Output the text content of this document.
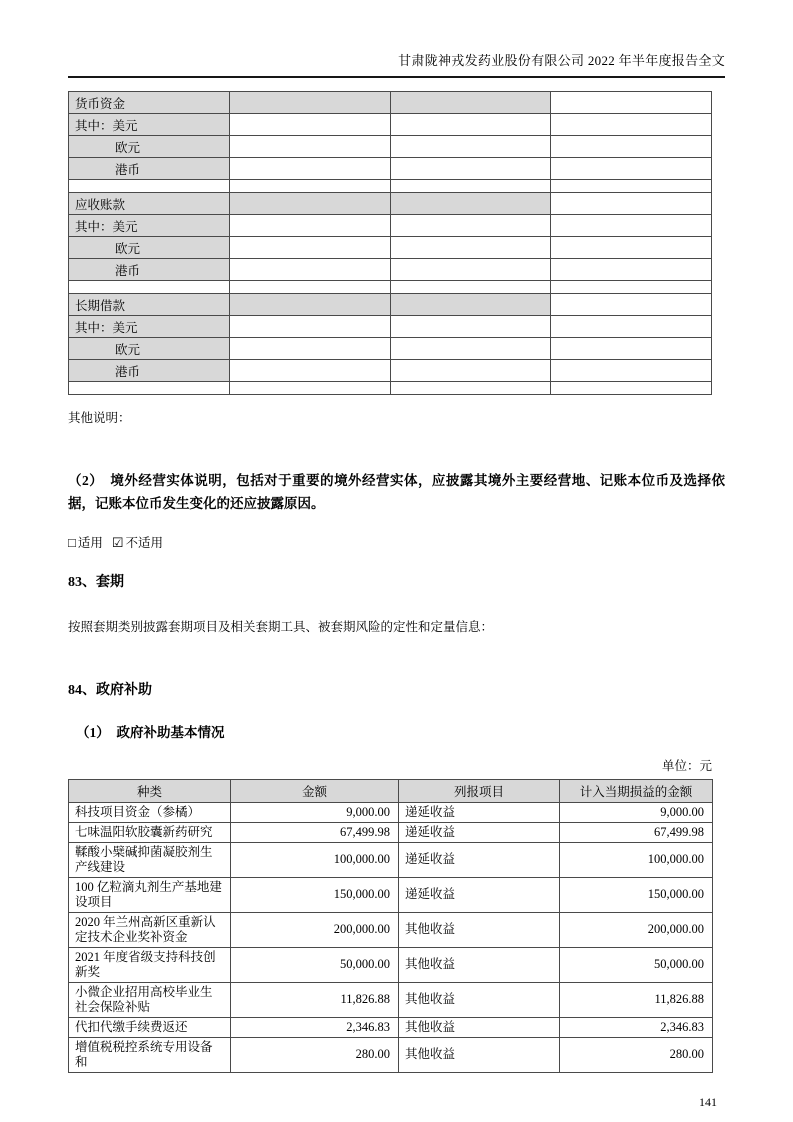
甘肃陇神戎发药业股份有限公司 2022 年半年度报告全文
货币资金			
其中：美元			
欧元			
港币			

应收账款			
其中：美元			
欧元			
港币			

长期借款			
其中：美元			
欧元			
港币			

其他说明：

（2）　境外经营实体说明，包括对于重要的境外经营实体，应披露其境外主要经营地、记账本位币及选择依据，记账本位币发生变化的还应披露原因。

□ 适用 ☑ 不适用
83、套期

按照套期类别披露套期项目及相关套期工具、被套期风险的定性和定量信息：

84、政府补助
（1）　政府补助基本情况
单位：元
种类	金额	列报项目	计入当期损益的金额
科技项目资金（参橘）	9,000.00	递延收益	9,000.00
七味温阳软胶囊新药研究	67,499.98	递延收益	67,499.98
鞣酸小檗碱抑菌凝胶剂生产线建设	100,000.00	递延收益	100,000.00
100 亿粒滴丸剂生产基地建设项目	150,000.00	递延收益	150,000.00
2020 年兰州高新区重新认定技术企业奖补资金	200,000.00	其他收益	200,000.00
2021 年度省级支持科技创新奖	50,000.00	其他收益	50,000.00
小微企业招用高校毕业生社会保险补贴	11,826.88	其他收益	11,826.88
代扣代缴手续费返还	2,346.83	其他收益	2,346.83
增值税税控系统专用设备和	280.00	其他收益	280.00
141
